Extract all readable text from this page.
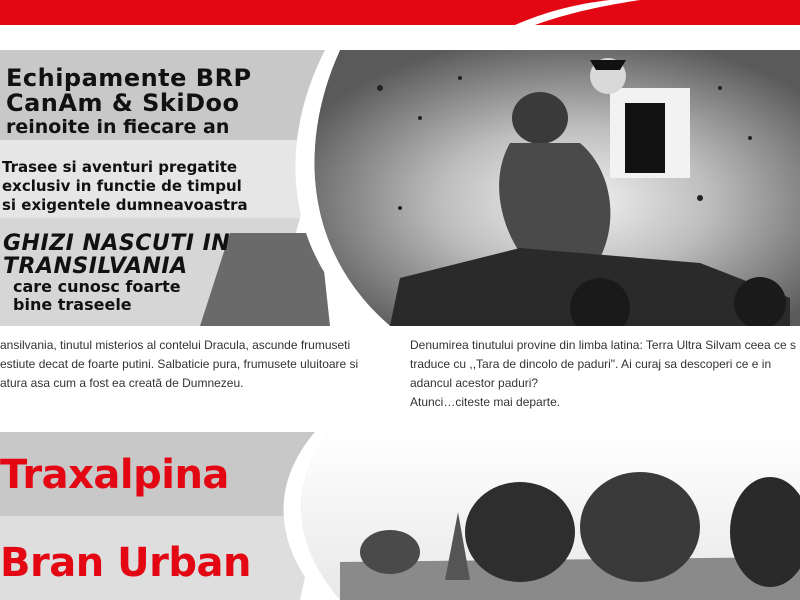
Echipamente BRP
CanAm & SkiDoo
reinoite in fiecare an
Trasee si aventuri pregatite
exclusiv in functie de timpul
si exigentele dumneavoastra
GHIZI NASCUTI IN
TRANSILVANIA
care cunosc foarte
bine traseele

ansilvania, tinutul misterios al contelui Dracula, ascunde frumuseti

estiute decat de foarte putini. Salbaticie pura, frumusete uluitoare si

atura asa cum a fost ea creată de Dumnezeu.

Denumirea tinutului provine din limba latina: Terra Ultra Silvam ceea ce s

traduce cu ,,Tara de dincolo de paduri". Ai curaj sa descoperi ce e in

adancul acestor paduri?

Atunci…citeste mai departe.

Traxalpina
Bran Urban
